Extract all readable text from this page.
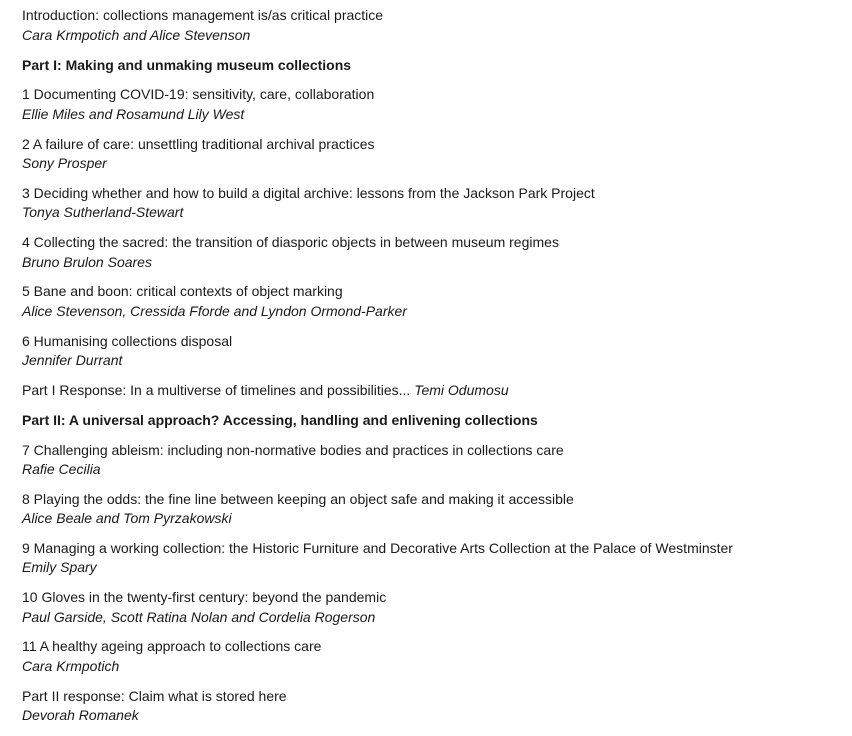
Introduction: collections management is/as critical practice
Cara Krmpotich and Alice Stevenson
Part I: Making and unmaking museum collections
1 Documenting COVID-19: sensitivity, care, collaboration
Ellie Miles and Rosamund Lily West
2 A failure of care: unsettling traditional archival practices
Sony Prosper
3 Deciding whether and how to build a digital archive: lessons from the Jackson Park Project
Tonya Sutherland-Stewart
4 Collecting the sacred: the transition of diasporic objects in between museum regimes
Bruno Brulon Soares
5 Bane and boon: critical contexts of object marking
Alice Stevenson, Cressida Fforde and Lyndon Ormond-Parker
6 Humanising collections disposal
Jennifer Durrant
Part I Response: In a multiverse of timelines and possibilities... Temi Odumosu
Part II: A universal approach? Accessing, handling and enlivening collections
7 Challenging ableism: including non-normative bodies and practices in collections care
Rafie Cecilia
8 Playing the odds: the fine line between keeping an object safe and making it accessible
Alice Beale and Tom Pyrzakowski
9 Managing a working collection: the Historic Furniture and Decorative Arts Collection at the Palace of Westminster
Emily Spary
10 Gloves in the twenty-first century: beyond the pandemic
Paul Garside, Scott Ratina Nolan and Cordelia Rogerson
11 A healthy ageing approach to collections care
Cara Krmpotich
Part II response: Claim what is stored here
Devorah Romanek
